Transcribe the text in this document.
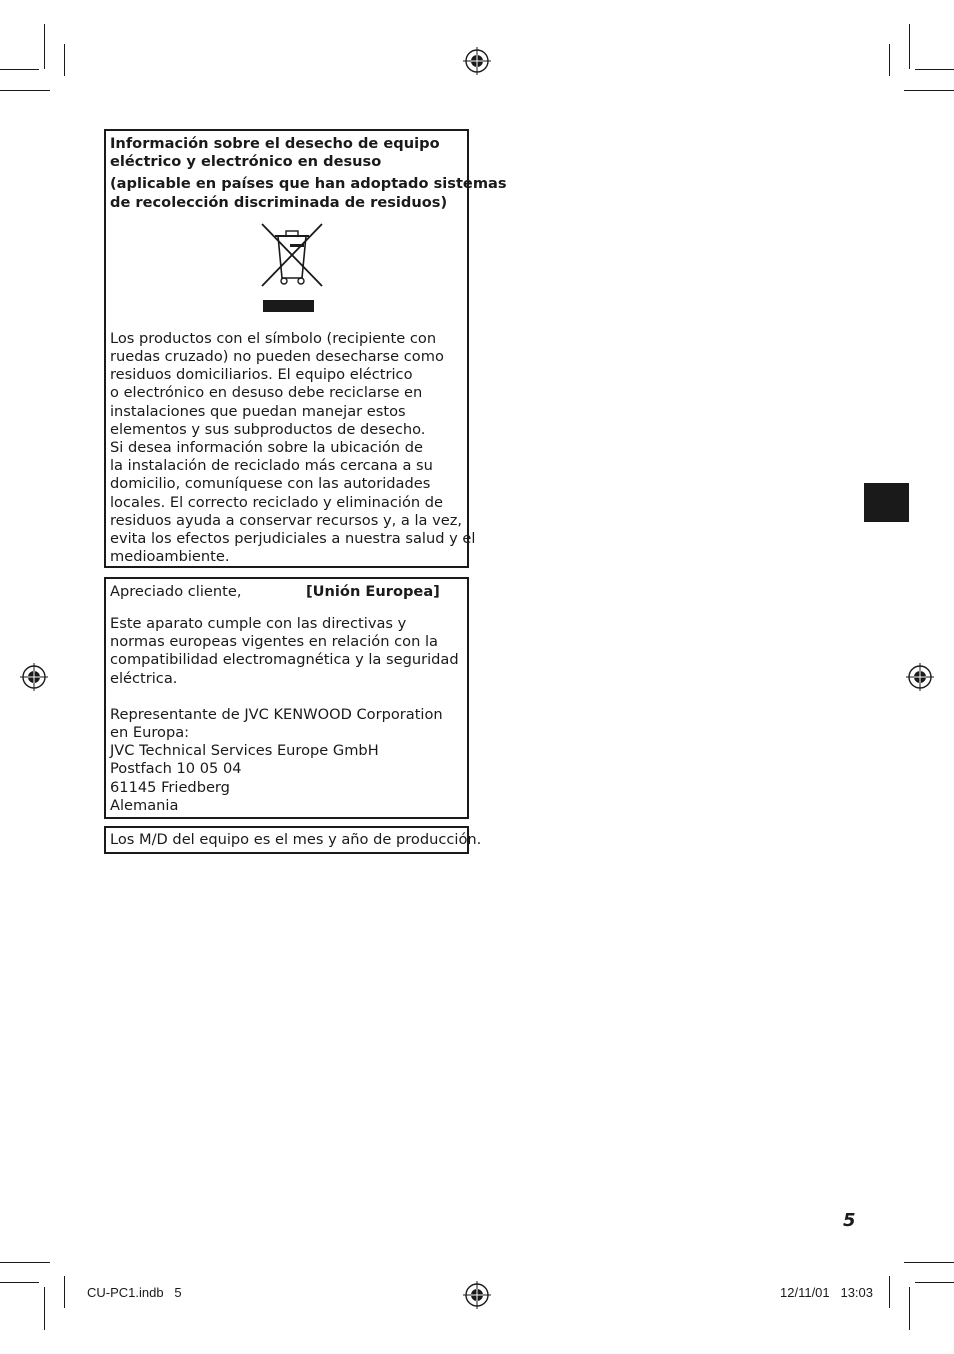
Información sobre el desecho de equipo
eléctrico y electrónico en desuso
(aplicable en países que han adoptado sistemas
de recolección discriminada de residuos)
Los productos con el símbolo (recipiente con
ruedas cruzado) no pueden desecharse como
residuos domiciliarios. El equipo eléctrico
o electrónico en desuso debe reciclarse en
instalaciones que puedan manejar estos
elementos y sus subproductos de desecho.
Si desea información sobre la ubicación de
la instalación de reciclado más cercana a su
domicilio, comuníquese con las autoridades
locales. El correcto reciclado y eliminación de
residuos ayuda a conservar recursos y, a la vez,
evita los efectos perjudiciales a nuestra salud y el
medioambiente.
Apreciado cliente,	[Unión Europea]
Este aparato cumple con las directivas y
normas europeas vigentes en relación con la
compatibilidad electromagnética y la seguridad
eléctrica.
Representante de JVC KENWOOD Corporation
en Europa:
JVC Technical Services Europe GmbH
Postfach 10 05 04
61145 Friedberg
Alemania
Los M/D del equipo es el mes y año de producción.
5
CU-PC1.indb   5	12/11/01   13:03
